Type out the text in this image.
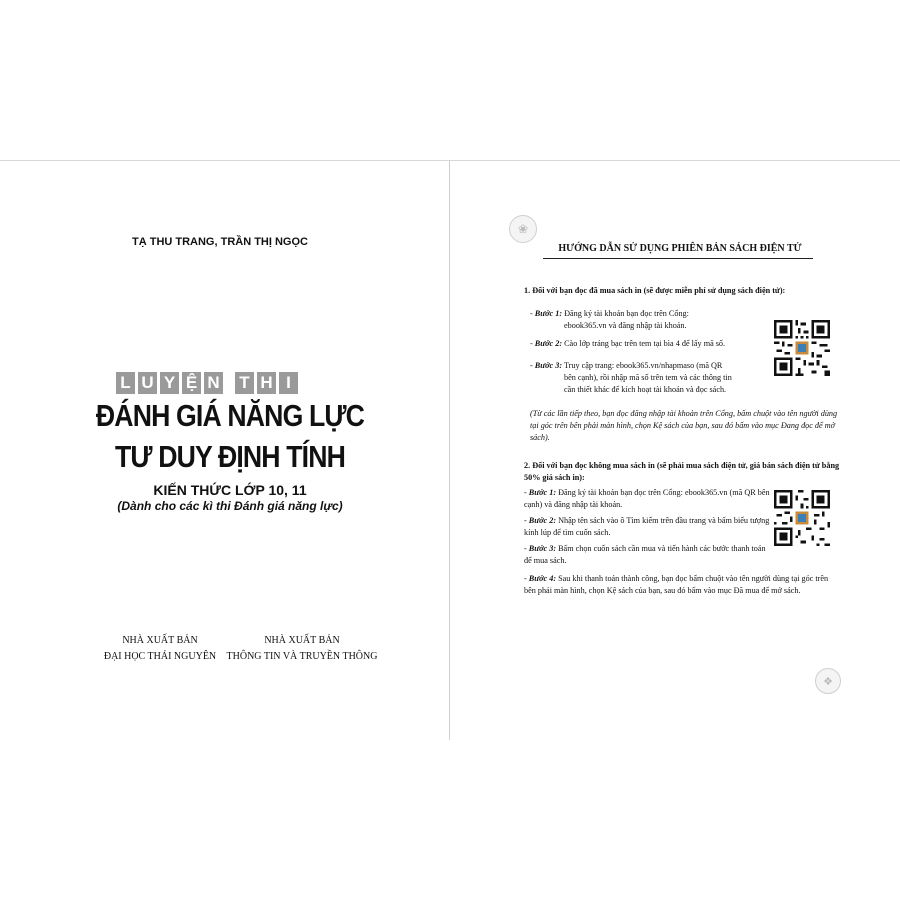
TẠ THU TRANG, TRẦN THỊ NGỌC
L U Y Ệ N T H I
ĐÁNH GIÁ NĂNG LỰC
TƯ DUY ĐỊNH TÍNH
KIẾN THỨC LỚP 10, 11
(Dành cho các kì thi Đánh giá năng lực)
NHÀ XUẤT BẢN
ĐẠI HỌC THÁI NGUYÊN
NHÀ XUẤT BẢN
THÔNG TIN VÀ TRUYỀN THÔNG
❀
HƯỚNG DẪN SỬ DỤNG PHIÊN BẢN SÁCH ĐIỆN TỬ
1. Đối với bạn đọc đã mua sách in (sẽ được miễn phí sử dụng sách điện tử):
- Bước 1: Đăng ký tài khoản bạn đọc trên Cổng:
ebook365.vn và đăng nhập tài khoản.
- Bước 2: Cào lớp tráng bạc trên tem tại bìa 4 để lấy mã số.
- Bước 3: Truy cập trang: ebook365.vn/nhapmaso (mã QR
bên cạnh), rồi nhập mã số trên tem và các thông tin
cần thiết khác để kích hoạt tài khoản và đọc sách.
(Từ các lần tiếp theo, bạn đọc đăng nhập tài khoản trên Cổng, bấm chuột vào tên người dùng tại góc trên bên phải màn hình, chọn Kệ sách của bạn, sau đó bấm vào mục Đang đọc để mở sách).
2. Đối với bạn đọc không mua sách in (sẽ phải mua sách điện tử, giá bán sách điện tử bằng 50% giá sách in):
- Bước 1: Đăng ký tài khoản bạn đọc trên Cổng: ebook365.vn (mã QR bên cạnh) và đăng nhập tài khoản.
- Bước 2: Nhập tên sách vào ô Tìm kiếm trên đầu trang và bấm biểu tượng kính lúp để tìm cuốn sách.
- Bước 3: Bấm chọn cuốn sách cần mua và tiến hành các bước thanh toán để mua sách.
- Bước 4: Sau khi thanh toán thành công, bạn đọc bấm chuột vào tên người dùng tại góc trên bên phải màn hình, chọn Kệ sách của bạn, sau đó bấm vào mục Đã mua để mở sách.
❖
